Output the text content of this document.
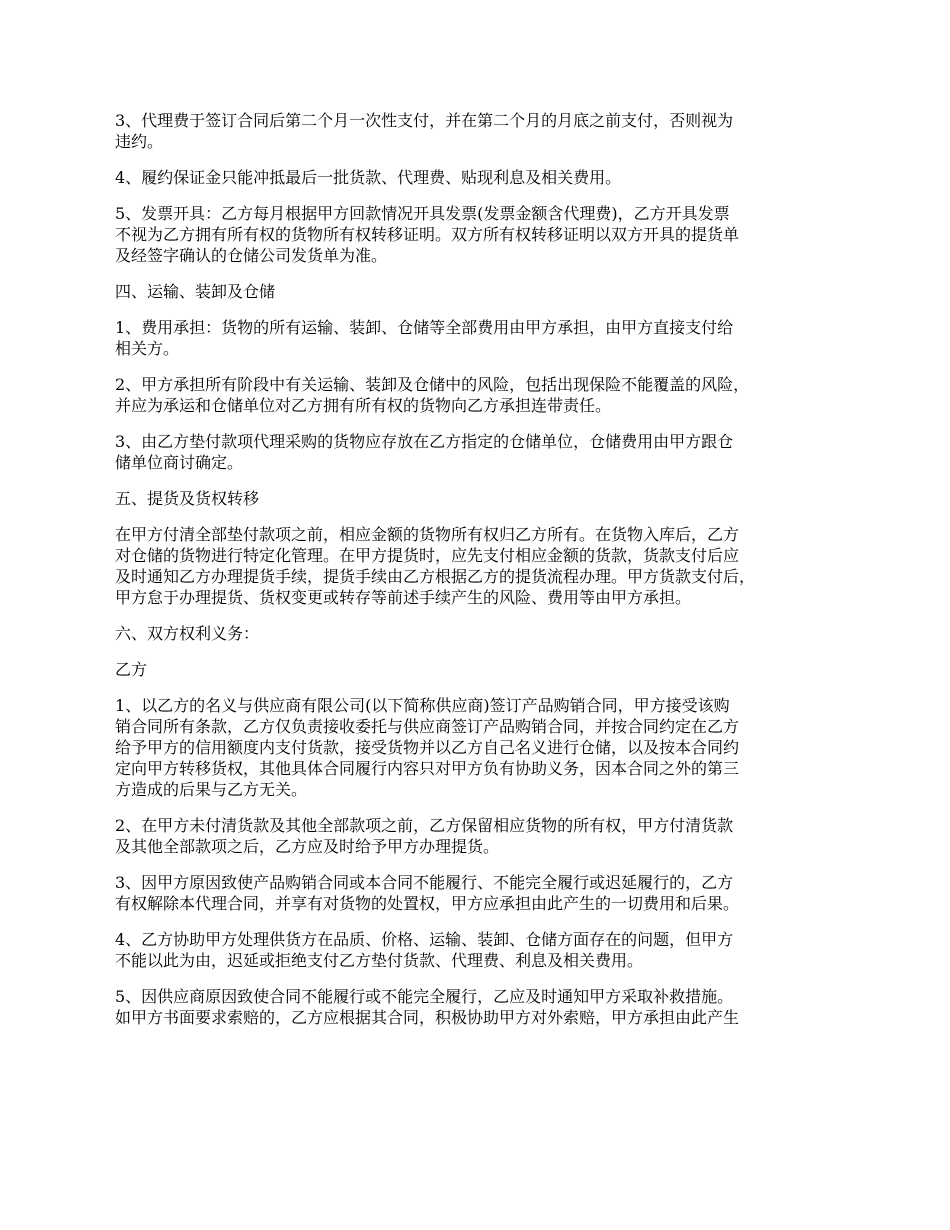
3、代理费于签订合同后第二个月一次性支付，并在第二个月的月底之前支付，否则视为
违约。

4、履约保证金只能冲抵最后一批货款、代理费、贴现利息及相关费用。

5、发票开具：乙方每月根据甲方回款情况开具发票(发票金额含代理费)，乙方开具发票
不视为乙方拥有所有权的货物所有权转移证明。双方所有权转移证明以双方开具的提货单
及经签字确认的仓储公司发货单为准。

四、运输、装卸及仓储

1、费用承担：货物的所有运输、装卸、仓储等全部费用由甲方承担，由甲方直接支付给
相关方。

2、甲方承担所有阶段中有关运输、装卸及仓储中的风险，包括出现保险不能覆盖的风险，
并应为承运和仓储单位对乙方拥有所有权的货物向乙方承担连带责任。

3、由乙方垫付款项代理采购的货物应存放在乙方指定的仓储单位，仓储费用由甲方跟仓
储单位商讨确定。

五、提货及货权转移

在甲方付清全部垫付款项之前，相应金额的货物所有权归乙方所有。在货物入库后，乙方
对仓储的货物进行特定化管理。在甲方提货时，应先支付相应金额的货款，货款支付后应
及时通知乙方办理提货手续，提货手续由乙方根据乙方的提货流程办理。甲方货款支付后，
甲方怠于办理提货、货权变更或转存等前述手续产生的风险、费用等由甲方承担。

六、双方权利义务：

乙方

1、以乙方的名义与供应商有限公司(以下简称供应商)签订产品购销合同，甲方接受该购
销合同所有条款，乙方仅负责接收委托与供应商签订产品购销合同，并按合同约定在乙方
给予甲方的信用额度内支付货款，接受货物并以乙方自己名义进行仓储，以及按本合同约
定向甲方转移货权，其他具体合同履行内容只对甲方负有协助义务，因本合同之外的第三
方造成的后果与乙方无关。

2、在甲方未付清货款及其他全部款项之前，乙方保留相应货物的所有权，甲方付清货款
及其他全部款项之后，乙方应及时给予甲方办理提货。

3、因甲方原因致使产品购销合同或本合同不能履行、不能完全履行或迟延履行的，乙方
有权解除本代理合同，并享有对货物的处置权，甲方应承担由此产生的一切费用和后果。

4、乙方协助甲方处理供货方在品质、价格、运输、装卸、仓储方面存在的问题，但甲方
不能以此为由，迟延或拒绝支付乙方垫付货款、代理费、利息及相关费用。

5、因供应商原因致使合同不能履行或不能完全履行，乙应及时通知甲方采取补救措施。
如甲方书面要求索赔的，乙方应根据其合同，积极协助甲方对外索赔，甲方承担由此产生
